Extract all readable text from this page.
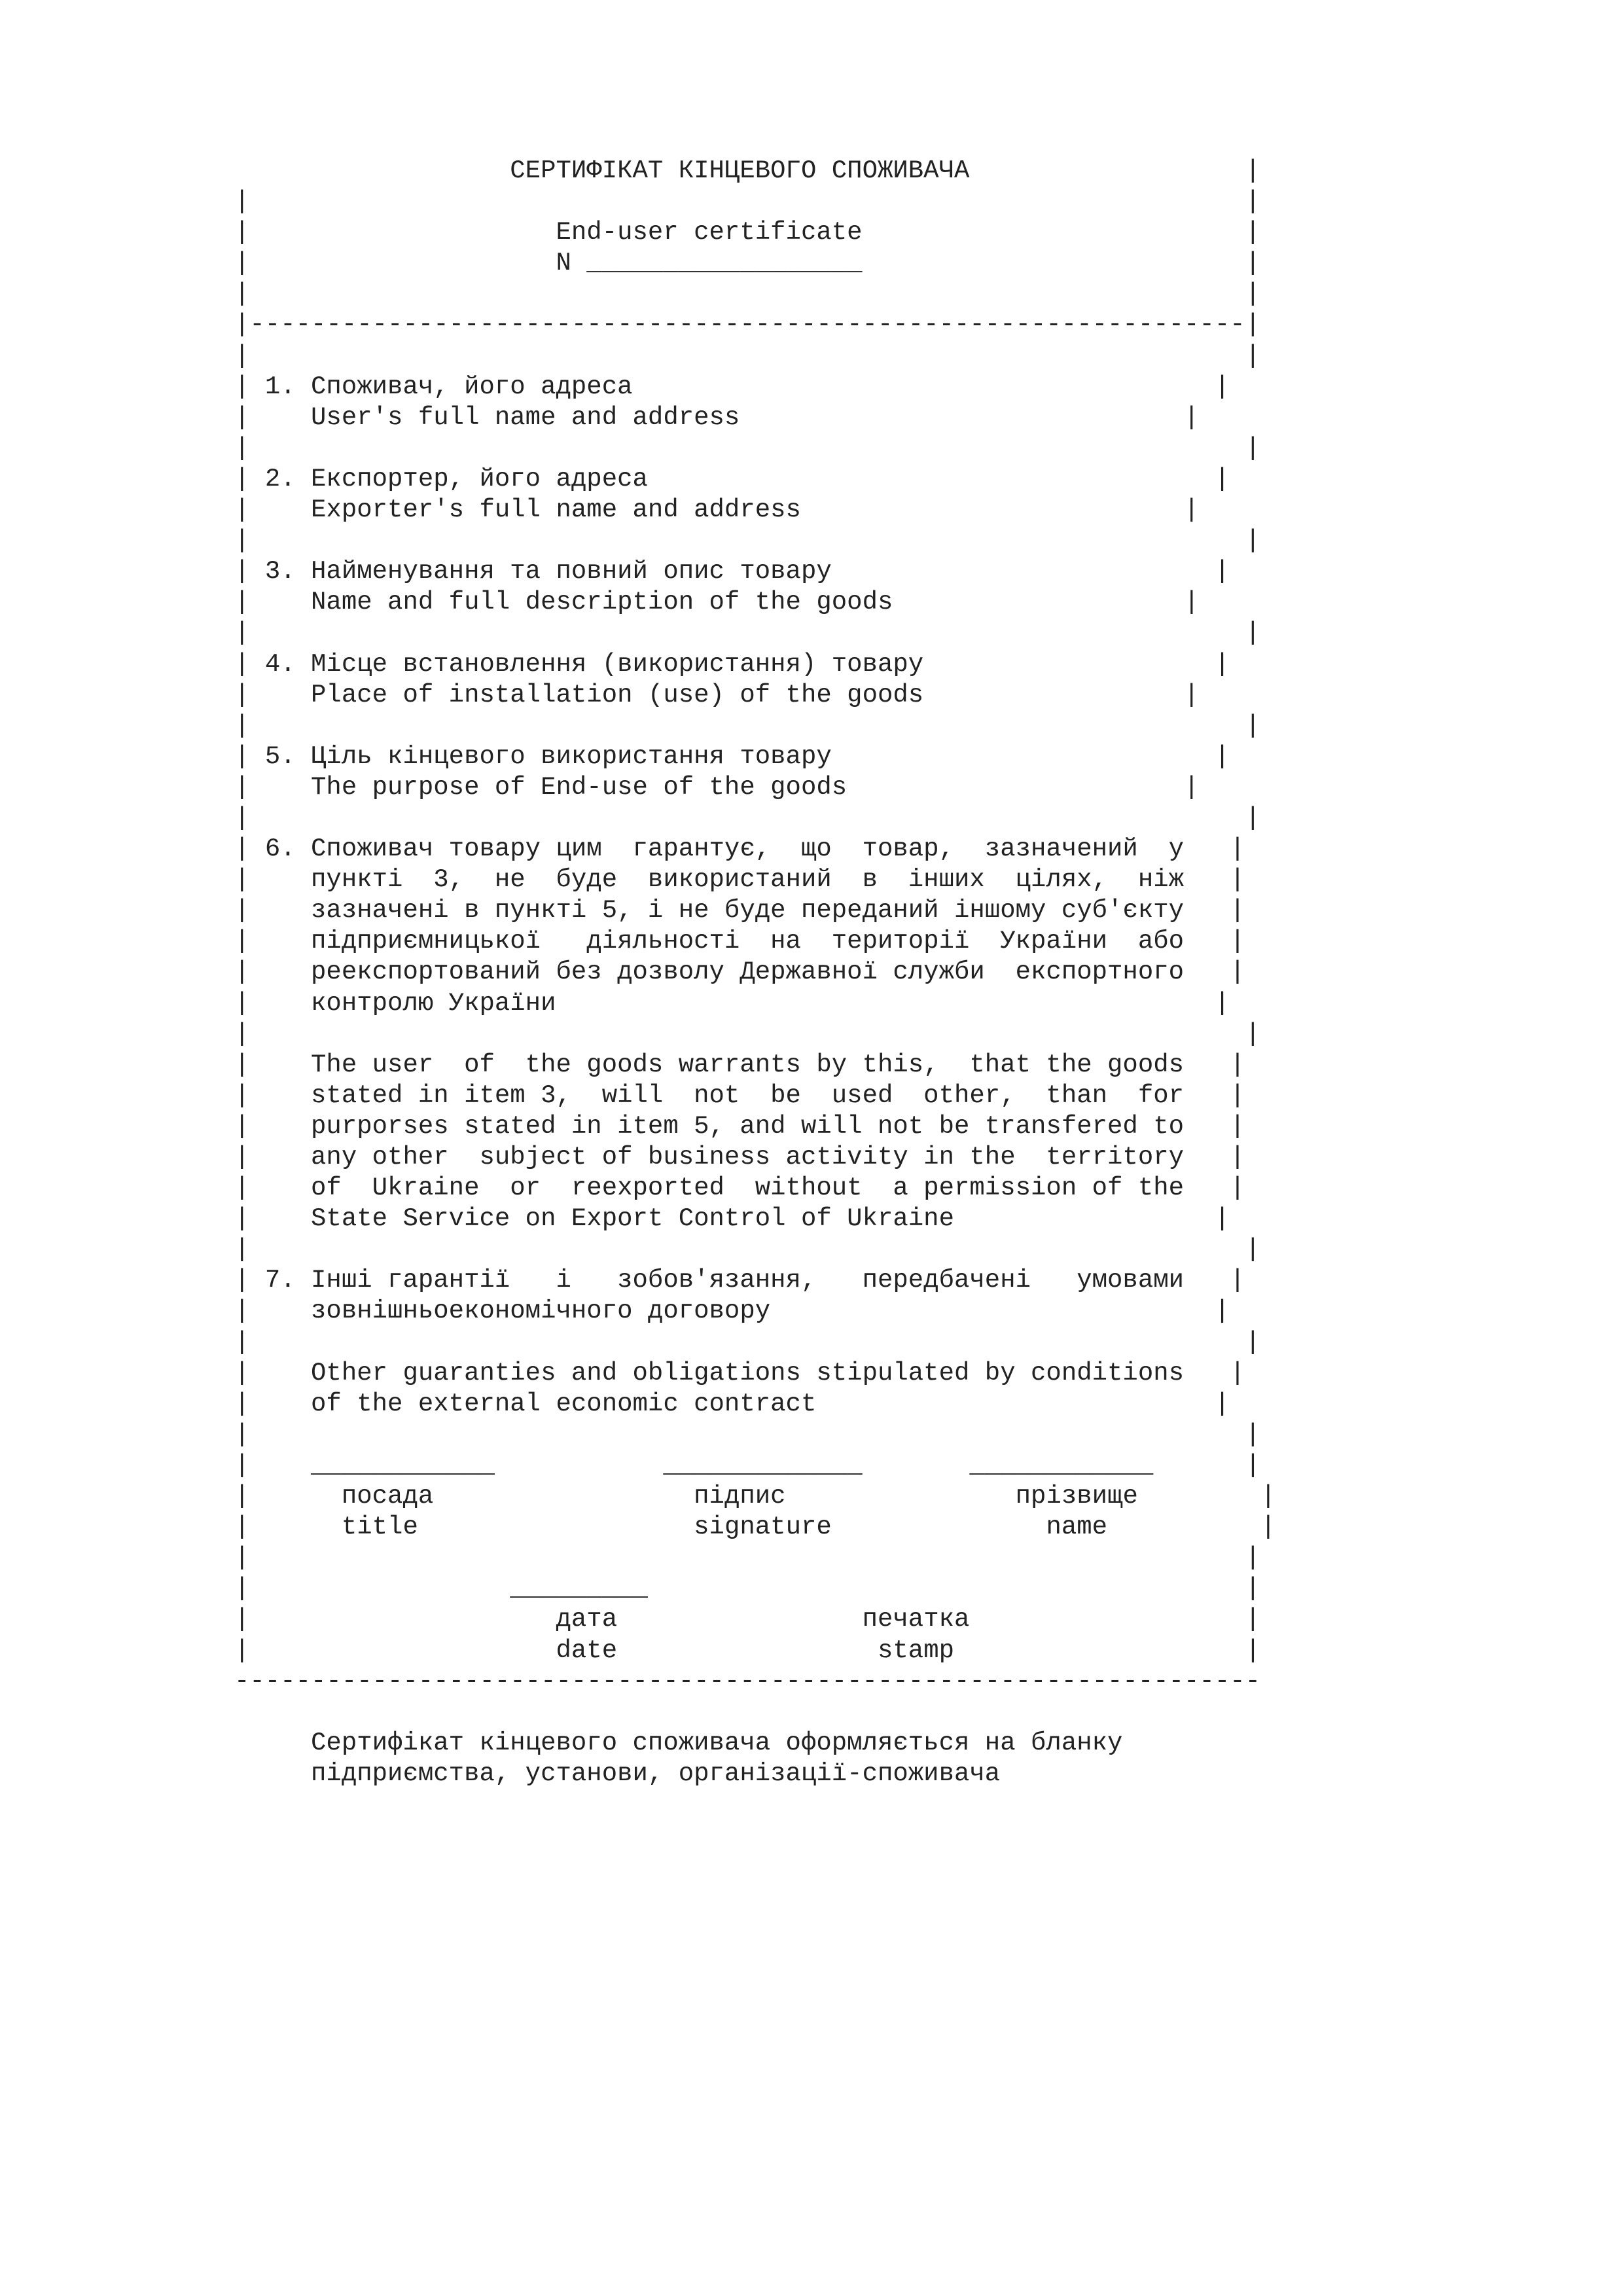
СЕРТИФІКАТ КІНЦЕВОГО СПОЖИВАЧА                  |
|                                                                 |
|                    End-user certificate                         |
|                    N __________________                         |
|                                                                 |
|-----------------------------------------------------------------|
|                                                                 |
| 1. Споживач, його адреса                                      |
|    User's full name and address                             |
|                                                                 |
| 2. Експортер, його адреса                                     |
|    Exporter's full name and address                         |
|                                                                 |
| 3. Найменування та повний опис товару                         |
|    Name and full description of the goods                   |
|                                                                 |
| 4. Місце встановлення (використання) товару                   |
|    Place of installation (use) of the goods                 |
|                                                                 |
| 5. Ціль кінцевого використання товару                         |
|    The purpose of End-use of the goods                      |
|                                                                 |
| 6. Споживач товару цим  гарантує,  що  товар,  зазначений  у   |
|    пункті  3,  не  буде  використаний  в  інших  цілях,  ніж   |
|    зазначені в пункті 5, і не буде переданий іншому суб'єкту   |
|    підприємницької   діяльності  на  території  України  або   |
|    реекспортований без дозволу Державної служби  експортного   |
|    контролю України                                           |
|                                                                 |
|    The user  of  the goods warrants by this,  that the goods   |
|    stated in item 3,  will  not  be  used  other,  than  for   |
|    purporses stated in item 5, and will not be transfered to   |
|    any other  subject of business activity in the  territory   |
|    of  Ukraine  or  reexported  without  a permission of the   |
|    State Service on Export Control of Ukraine                 |
|                                                                 |
| 7. Інші гарантії   і   зобов'язання,   передбачені   умовами   |
|    зовнішньоекономічного договору                             |
|                                                                 |
|    Other guaranties and obligations stipulated by conditions   |
|    of the external economic contract                          |
|                                                                 |
|    ____________	_____________	____________      |
|      посада	підпис	прізвище        |
|      title	signature	name          |
|                                                                 |
|                 _________                                       |
|                    дата	печатка                  |
|                    date	stamp                   |
-------------------------------------------------------------------

Сертифікат кінцевого споживача оформляється на бланку
підприємства, установи, організації-споживача
